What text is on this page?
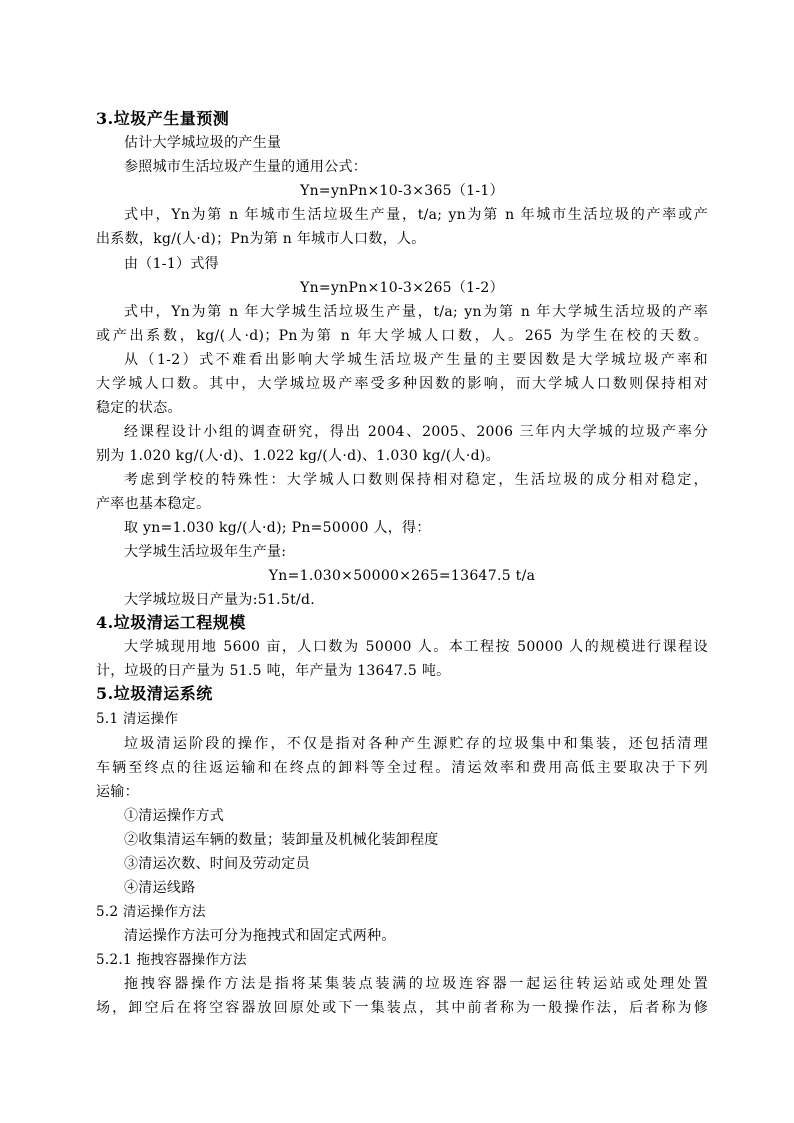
3.垃圾产生量预测
估计大学城垃圾的产生量
参照城市生活垃圾产生量的通用公式：
Yn=ynPn×10-3×365（1-1）
式中，Yn为第 n 年城市生活垃圾生产量，t/a; yn为第 n 年城市生活垃圾的产率或产
出系数，kg/(人·d)；Pn为第 n 年城市人口数，人。
由（1-1）式得
Yn=ynPn×10-3×265（1-2）
式中，Yn为第 n 年大学城生活垃圾生产量，t/a; yn为第 n 年大学城生活垃圾的产率
或产出系数，kg/(人·d)；Pn为第 n 年大学城人口数，人。265 为学生在校的天数。
从（1-2）式不难看出影响大学城生活垃圾产生量的主要因数是大学城垃圾产率和
大学城人口数。其中，大学城垃圾产率受多种因数的影响，而大学城人口数则保持相对
稳定的状态。
经课程设计小组的调查研究，得出 2004、2005、2006 三年内大学城的垃圾产率分
别为 1.020 kg/(人·d)、1.022 kg/(人·d)、1.030 kg/(人·d)。
考虑到学校的特殊性：大学城人口数则保持相对稳定，生活垃圾的成分相对稳定，
产率也基本稳定。
取 yn=1.030 kg/(人·d); Pn=50000 人，得：
大学城生活垃圾年生产量:
Yn=1.030×50000×265=13647.5 t/a
大学城垃圾日产量为:51.5t/d.
4.垃圾清运工程规模
大学城现用地 5600 亩，人口数为 50000 人。本工程按 50000 人的规模进行课程设
计，垃圾的日产量为 51.5 吨，年产量为 13647.5 吨。
5.垃圾清运系统
5.1 清运操作
垃圾清运阶段的操作，不仅是指对各种产生源贮存的垃圾集中和集装，还包括清理
车辆至终点的往返运输和在终点的卸料等全过程。清运效率和费用高低主要取决于下列
运输：
①清运操作方式
②收集清运车辆的数量；装卸量及机械化装卸程度
③清运次数、时间及劳动定员
④清运线路
5.2 清运操作方法
清运操作方法可分为拖拽式和固定式两种。
5.2.1 拖拽容器操作方法
拖拽容器操作方法是指将某集装点装满的垃圾连容器一起运往转运站或处理处置
场，卸空后在将空容器放回原处或下一集装点，其中前者称为一般操作法，后者称为修
